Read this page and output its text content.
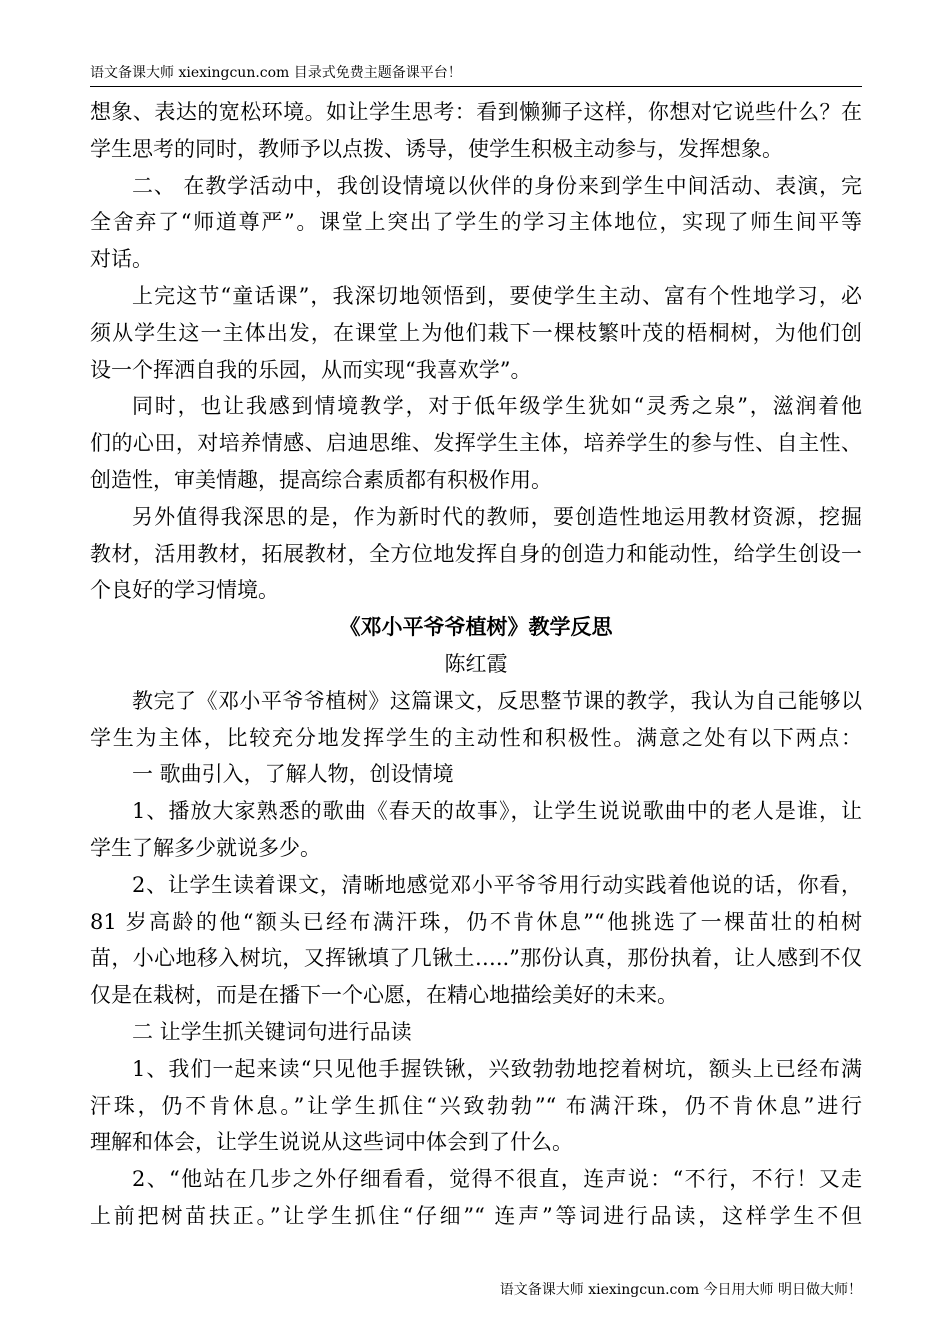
语文备课大师 xiexingcun.com 目录式免费主题备课平台！
想象、表达的宽松环境。如让学生思考：看到懒狮子这样，你想对它说些什么？在
学生思考的同时，教师予以点拨、诱导，使学生积极主动参与，发挥想象。
二、 在教学活动中，我创设情境以伙伴的身份来到学生中间活动、表演，完
全舍弃了“师道尊严”。课堂上突出了学生的学习主体地位，实现了师生间平等
对话。
上完这节“童话课”，我深切地领悟到，要使学生主动、富有个性地学习，必
须从学生这一主体出发，在课堂上为他们栽下一棵枝繁叶茂的梧桐树，为他们创
设一个挥洒自我的乐园，从而实现“我喜欢学”。
同时，也让我感到情境教学，对于低年级学生犹如“灵秀之泉”，滋润着他
们的心田，对培养情感、启迪思维、发挥学生主体，培养学生的参与性、自主性、
创造性，审美情趣，提高综合素质都有积极作用。
另外值得我深思的是，作为新时代的教师，要创造性地运用教材资源，挖掘
教材，活用教材，拓展教材，全方位地发挥自身的创造力和能动性，给学生创设一
个良好的学习情境。
《邓小平爷爷植树》教学反思
陈红霞
教完了《邓小平爷爷植树》这篇课文，反思整节课的教学，我认为自己能够以
学生为主体，比较充分地发挥学生的主动性和积极性。满意之处有以下两点：
一 歌曲引入，了解人物，创设情境
1、播放大家熟悉的歌曲《春天的故事》，让学生说说歌曲中的老人是谁，让
学生了解多少就说多少。
2、让学生读着课文，清晰地感觉邓小平爷爷用行动实践着他说的话，你看，
81 岁高龄的他“额头已经布满汗珠，仍不肯休息”“他挑选了一棵苗壮的柏树
苗，小心地移入树坑，又挥锹填了几锹土…..”那份认真，那份执着，让人感到不仅
仅是在栽树，而是在播下一个心愿，在精心地描绘美好的未来。
二 让学生抓关键词句进行品读
1、我们一起来读“只见他手握铁锹，兴致勃勃地挖着树坑，额头上已经布满
汗珠，仍不肯休息。”让学生抓住“兴致勃勃”“ 布满汗珠，仍不肯休息”进行
理解和体会，让学生说说从这些词中体会到了什么。
2、“他站在几步之外仔细看看，觉得不很直，连声说：“不行，不行！又走
上前把树苗扶正。”让学生抓住“仔细”“ 连声”等词进行品读，这样学生不但
语文备课大师 xiexingcun.com 今日用大师 明日做大师！
